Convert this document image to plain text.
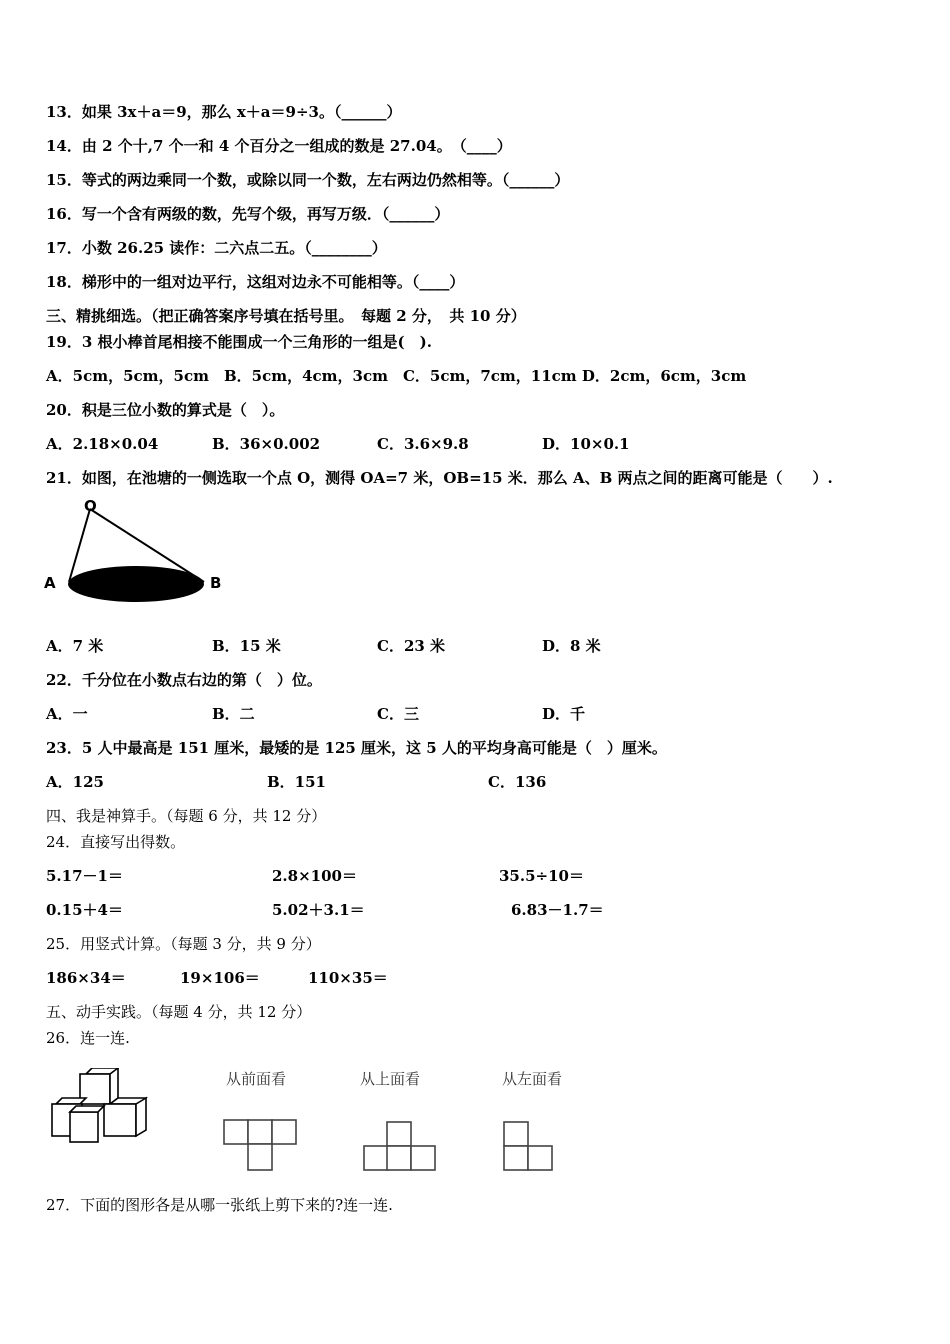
13．如果 3x＋a＝9，那么 x＋a＝9÷3。（______）
14．由 2 个十,7 个一和 4 个百分之一组成的数是 27.04。　（____）
15．等式的两边乘同一个数，或除以同一个数，左右两边仍然相等。（______）
16．写一个含有两级的数，先写个级，再写万级．（______）
17．小数 26.25 读作：二六点二五。（________）
18．梯形中的一组对边平行，这组对边永不可能相等。（____）
三、精挑细选。（把正确答案序号填在括号里。　每题 2 分，　共 10 分）
19．3 根小棒首尾相接不能围成一个三角形的一组是(　).
A．5cm，5cm，5cm　B．5cm，4cm，3cm　C．5cm，7cm，11cm D．2cm，6cm，3cm
20．积是三位小数的算式是（　）。
A．2.18×0.04	B．36×0.002	C．3.6×9.8	D．10×0.1
21．如图，在池塘的一侧选取一个点 O，测得 OA=7 米，OB=15 米．那么 A、B 两点之间的距离可能是（　　）.
O
A	B
A．7 米	B．15 米	C．23 米	D．8 米
22．千分位在小数点右边的第（　）位。
A．一	B．二	C．三	D．千
23．5 人中最高是 151 厘米，最矮的是 125 厘米，这 5 人的平均身高可能是（　）厘米。
A．125	B．151	C．136
四、我是神算手。（每题 6 分，共 12 分）
24．直接写出得数。
5.17－1＝	2.8×100＝	35.5÷10＝
0.15＋4＝	5.02＋3.1＝	6.83－1.7＝
25．用竖式计算。（每题 3 分，共 9 分）
186×34＝	19×106＝	110×35＝
五、动手实践。（每题 4 分，共 12 分）
26．连一连.
从前面看	从上面看	从左面看
27．下面的图形各是从哪一张纸上剪下来的?连一连.
